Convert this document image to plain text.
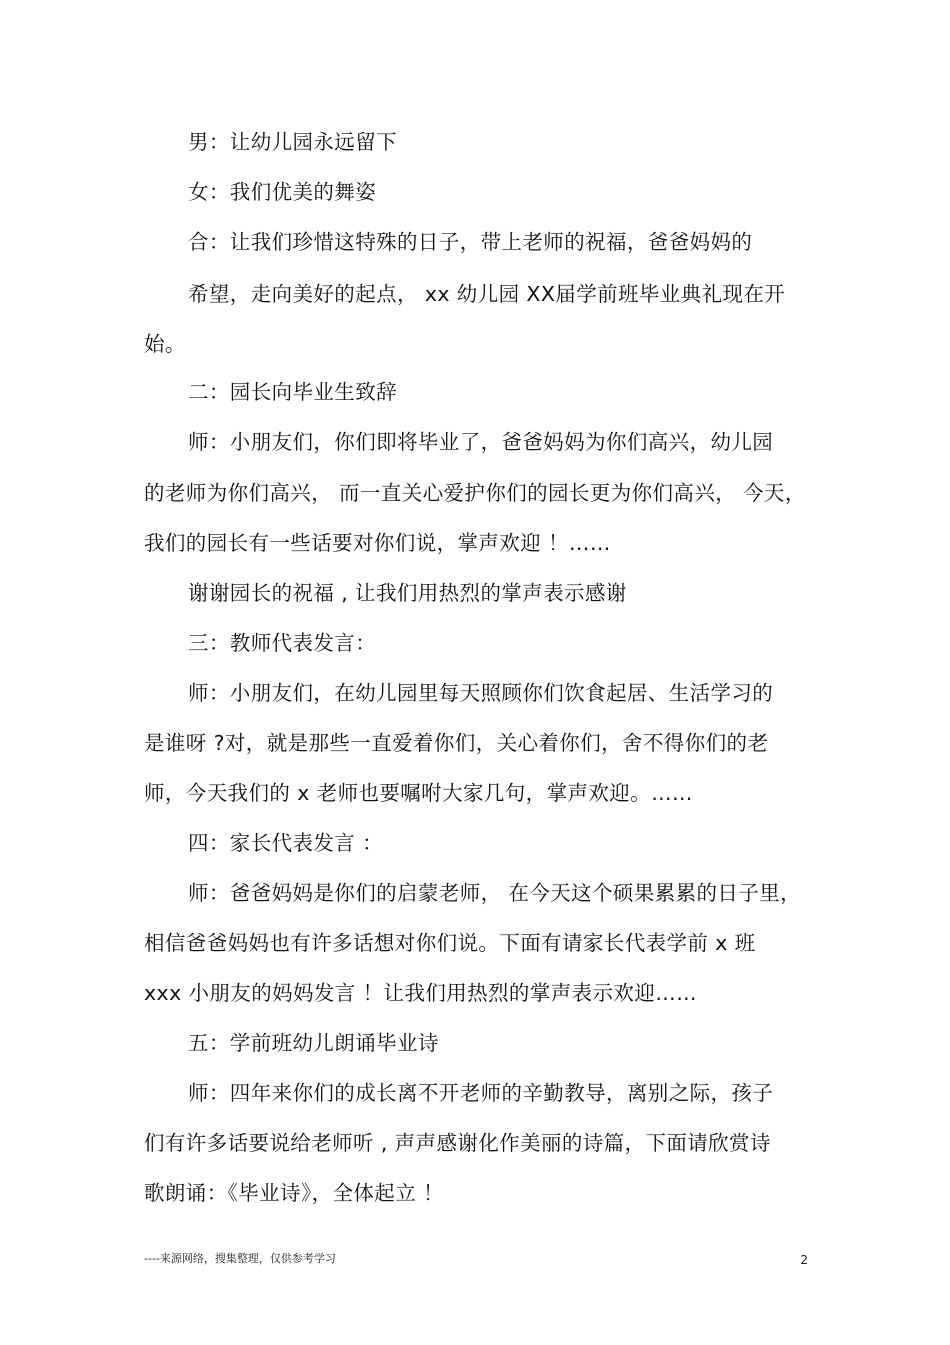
男：让幼儿园永远留下
女：我们优美的舞姿
合：让我们珍惜这特殊的日子，带上老师的祝福，爸爸妈妈的
希望，走向美好的起点， xx 幼儿园 XX届学前班毕业典礼现在开
始。
二：园长向毕业生致辞
师：小朋友们，你们即将毕业了，爸爸妈妈为你们高兴，幼儿园
的老师为你们高兴， 而一直关心爱护你们的园长更为你们高兴， 今天，
我们的园长有一些话要对你们说，掌声欢迎 ！……
谢谢园长的祝福 , 让我们用热烈的掌声表示感谢
三：教师代表发言：
师：小朋友们，在幼儿园里每天照顾你们饮食起居、生活学习的
是谁呀 ?对，就是那些一直爱着你们，关心着你们，舍不得你们的老
师，今天我们的 x 老师也要嘱咐大家几句，掌声欢迎。……
四：家长代表发言 ：
师：爸爸妈妈是你们的启蒙老师， 在今天这个硕果累累的日子里，
相信爸爸妈妈也有许多话想对你们说。下面有请家长代表学前 x 班
xxx 小朋友的妈妈发言 ！让我们用热烈的掌声表示欢迎……
五：学前班幼儿朗诵毕业诗
师：四年来你们的成长离不开老师的辛勤教导，离别之际，孩子
们有许多话要说给老师听 , 声声感谢化作美丽的诗篇，下面请欣赏诗
歌朗诵：《毕业诗》，全体起立 ！
----来源网络，搜集整理，仅供参考学习	2
